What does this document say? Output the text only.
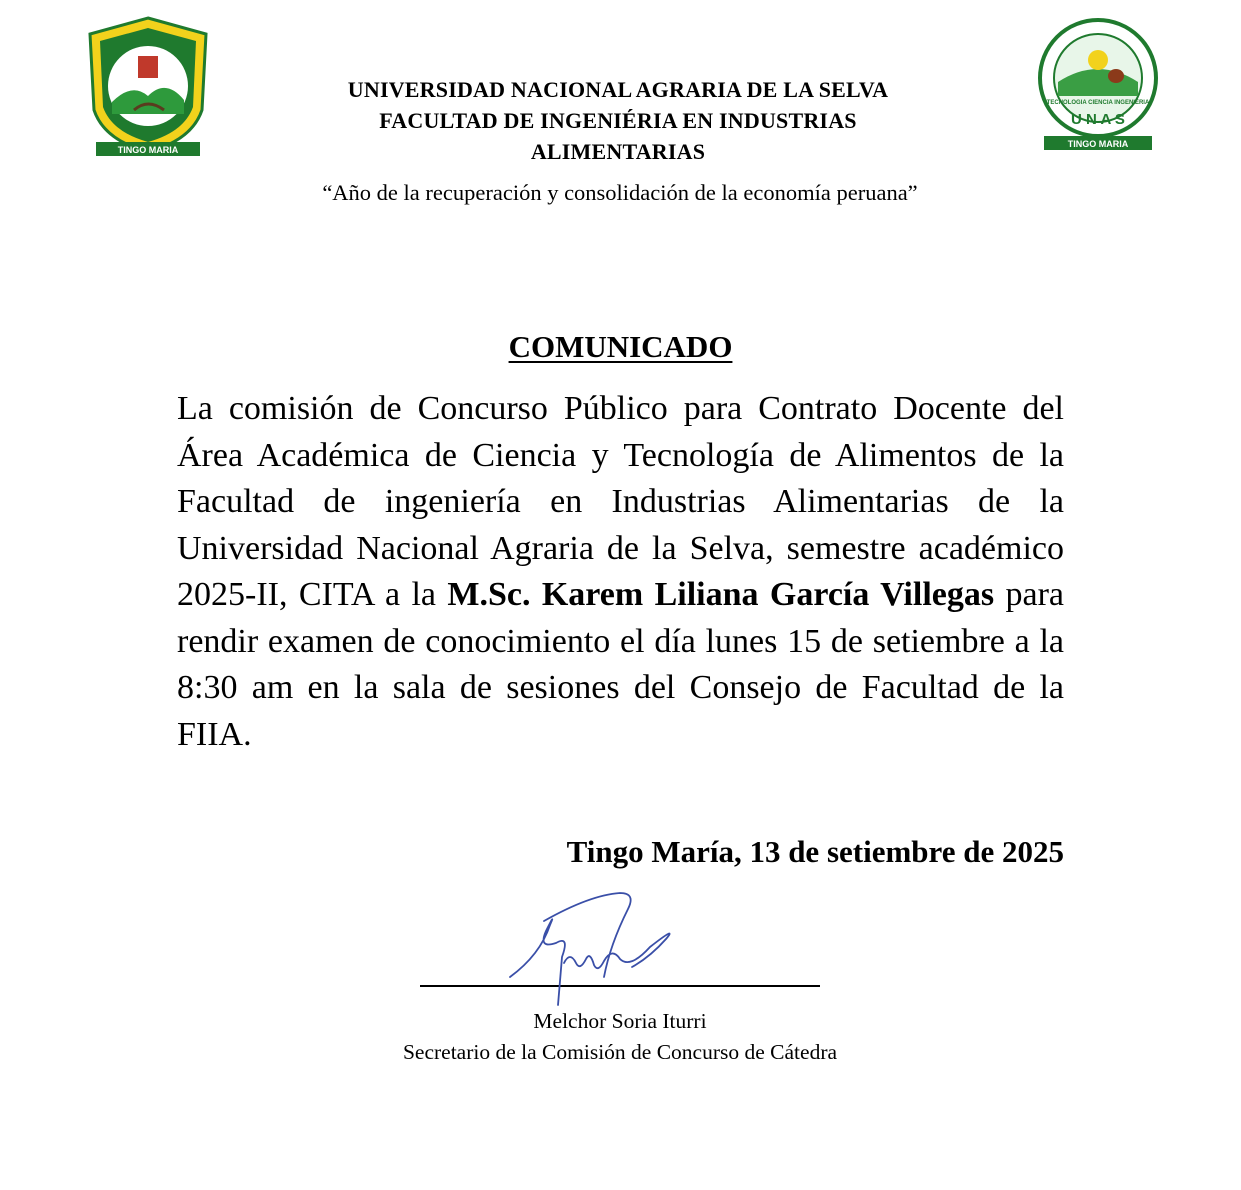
TINGO MARIA
TECNOLOGIA CIENCIA INGENIERIA
U N A S
TINGO MARIA
UNIVERSIDAD NACIONAL AGRARIA DE LA SELVA
FACULTAD DE INGENIÉRIA EN INDUSTRIAS
ALIMENTARIAS
“Año de la recuperación y consolidación de la economía peruana”
COMUNICADO
La comisión de Concurso Público para Contrato Docente del Área Académica de Ciencia y Tecnología de Alimentos de la Facultad de ingeniería en Industrias Alimentarias de la Universidad Nacional Agraria de la Selva, semestre académico 2025-II, CITA a la M.Sc. Karem Liliana García Villegas para rendir examen de conocimiento el día lunes 15 de setiembre a la 8:30 am en la sala de sesiones del Consejo de Facultad de la FIIA.
Tingo María, 13 de setiembre de 2025
Melchor Soria Iturri
Secretario de la Comisión de Concurso de Cátedra
